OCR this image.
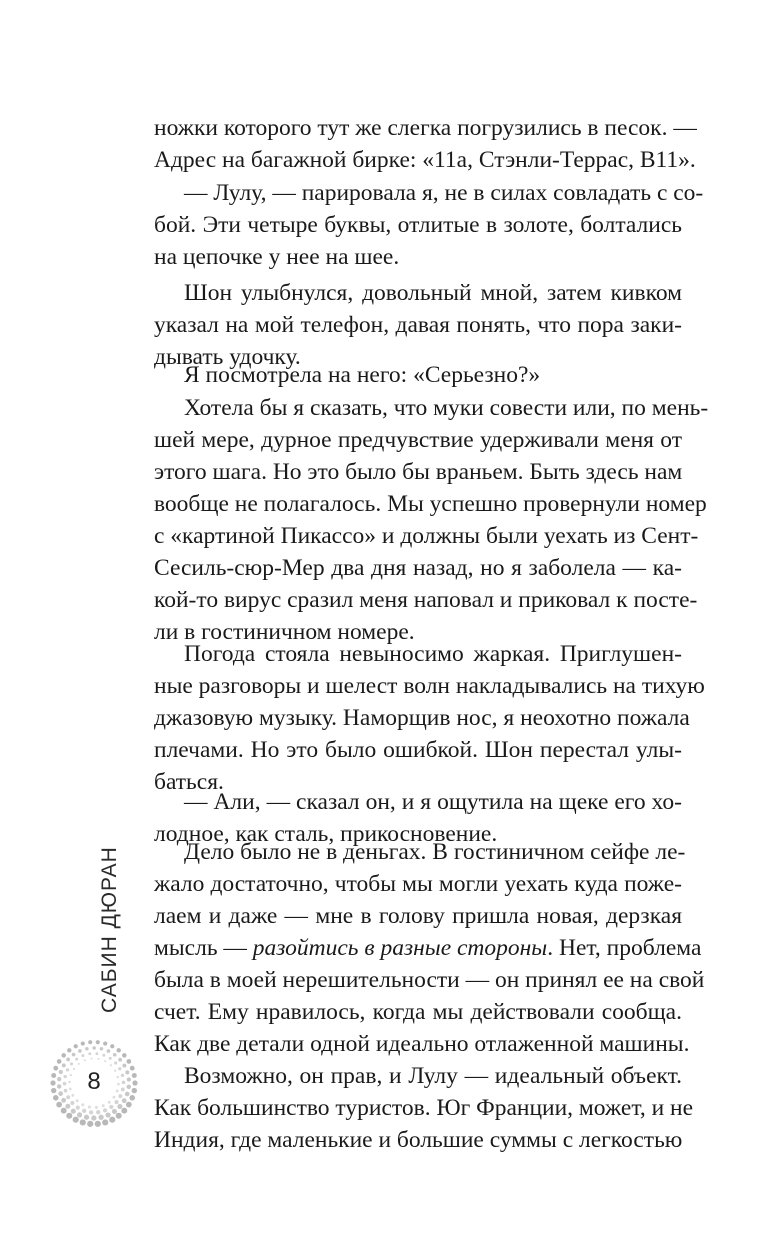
ножки которого тут же слегка погрузились в песок. —
Адрес на багажной бирке: «11а, Стэнли-Террас, B11».
— Лулу, — парировала я, не в силах совладать с со-
бой. Эти четыре буквы, отлитые в золоте, болтались
на цепочке у нее на шее.
Шон улыбнулся, довольный мной, затем кивком
указал на мой телефон, давая понять, что пора заки-
дывать удочку.
Я посмотрела на него: «Серьезно?»
Хотела бы я сказать, что муки совести или, по мень-
шей мере, дурное предчувствие удерживали меня от
этого шага. Но это было бы враньем. Быть здесь нам
вообще не полагалось. Мы успешно провернули номер
с «картиной Пикассо» и должны были уехать из Сент-
Сесиль-сюр-Мер два дня назад, но я заболела — ка-
кой-то вирус сразил меня наповал и приковал к посте-
ли в гостиничном номере.
Погода стояла невыносимо жаркая. Приглушен-
ные разговоры и шелест волн накладывались на тихую
джазовую музыку. Наморщив нос, я неохотно пожала
плечами. Но это было ошибкой. Шон перестал улы-
баться.
— Али, — сказал он, и я ощутила на щеке его хо-
лодное, как сталь, прикосновение.
Дело было не в деньгах. В гостиничном сейфе ле-
жало достаточно, чтобы мы могли уехать куда поже-
лаем и даже — мне в голову пришла новая, дерзкая
мысль — разойтись в разные стороны. Нет, проблема
была в моей нерешительности — он принял ее на свой
счет. Ему нравилось, когда мы действовали сообща.
Как две детали одной идеально отлаженной машины.
Возможно, он прав, и Лулу — идеальный объект.
Как большинство туристов. Юг Франции, может, и не
Индия, где маленькие и большие суммы с легкостью
САБИН ДЮРАН
8
